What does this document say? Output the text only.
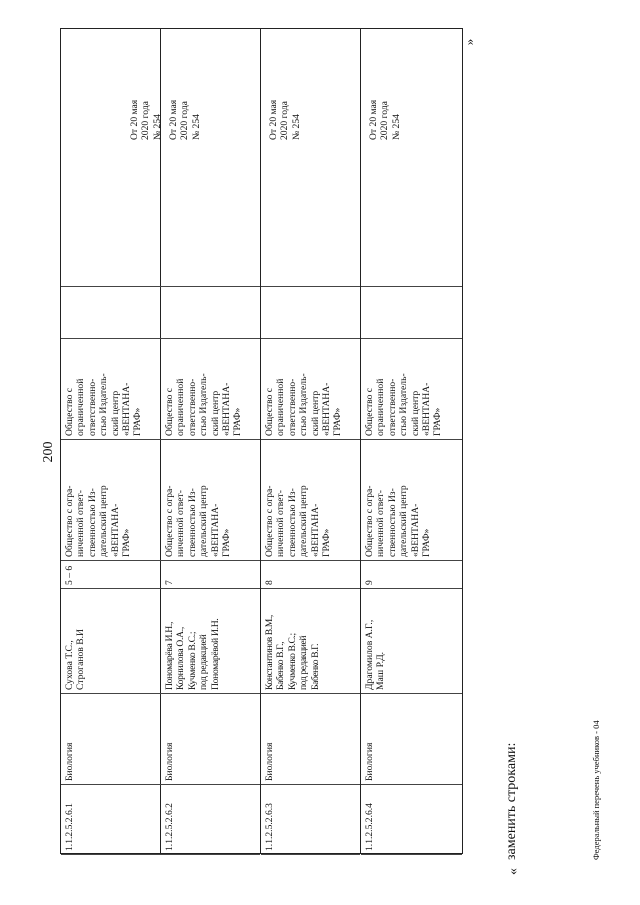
200
1.1.2.5.2.6.1
Биология
Сухова Т.С.,
Строганов В.И
5 – 6
Общество с огра-
ниченной ответ-
ственностью Из-
дательский центр
«ВЕНТАНА-
ГРАФ»
Общество с
ограниченной
ответственно-
стью Издатель-
ский центр
«ВЕНТАНА-
ГРАФ»
От 20 мая
2020 года
№ 254
1.1.2.5.2.6.2
Биология
Пономарёва И.Н.,
Корнилова О.А.,
Кучменко В.С.;
под редакцией
Пономарёвой И.Н.
7
Общество с огра-
ниченной ответ-
ственностью Из-
дательский центр
«ВЕНТАНА-
ГРАФ»
Общество с
ограниченной
ответственно-
стью Издатель-
ский центр
«ВЕНТАНА-
ГРАФ»
От 20 мая
2020 года
№ 254
1.1.2.5.2.6.3
Биология
Константинов В.М.,
Бабенко В.Г.,
Кучменко В.С.;
под редакцией
Бабенко В.Г.
8
Общество с огра-
ниченной ответ-
ственностью Из-
дательский центр
«ВЕНТАНА-
ГРАФ»
Общество с
ограниченной
ответственно-
стью Издатель-
ский центр
«ВЕНТАНА-
ГРАФ»
От 20 мая
2020 года
№ 254
1.1.2.5.2.6.4
Биология
Драгомилов А.Г.,
Маш Р.Д.
9
Общество с огра-
ниченной ответ-
ственностью Из-
дательский центр
«ВЕНТАНА-
ГРАФ»
Общество с
ограниченной
ответственно-
стью Издатель-
ский центр
«ВЕНТАНА-
ГРАФ»
От 20 мая
2020 года
№ 254
»
заменить строками:
«
Федеральный перечень учебников - 04
